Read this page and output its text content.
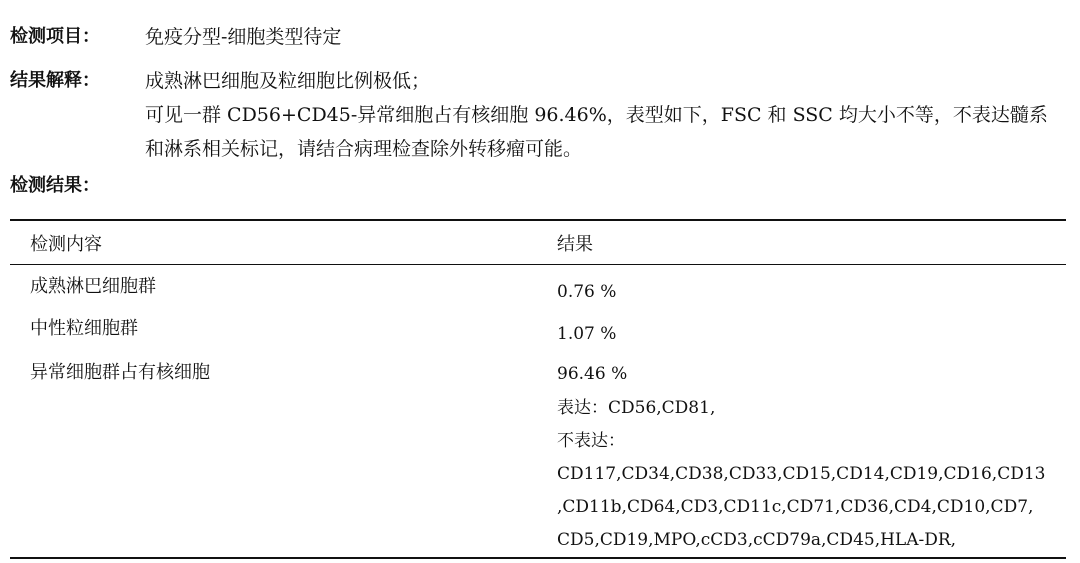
检测项目： 免疫分型-细胞类型待定
结果解释： 成熟淋巴细胞及粒细胞比例极低；
可见一群 CD56+CD45-异常细胞占有核细胞 96.46%，表型如下，FSC 和 SSC 均大小不等，不表达髓系
和淋系相关标记，请结合病理检查除外转移瘤可能。
检测结果：
检测内容	结果
成熟淋巴细胞群	0.76 %
中性粒细胞群	1.07 %
异常细胞群占有核细胞	96.46 %
表达：CD56,CD81,
不表达：
CD117,CD34,CD38,CD33,CD15,CD14,CD19,CD16,CD13
,CD11b,CD64,CD3,CD11c,CD71,CD36,CD4,CD10,CD7,
CD5,CD19,MPO,cCD3,cCD79a,CD45,HLA-DR,
